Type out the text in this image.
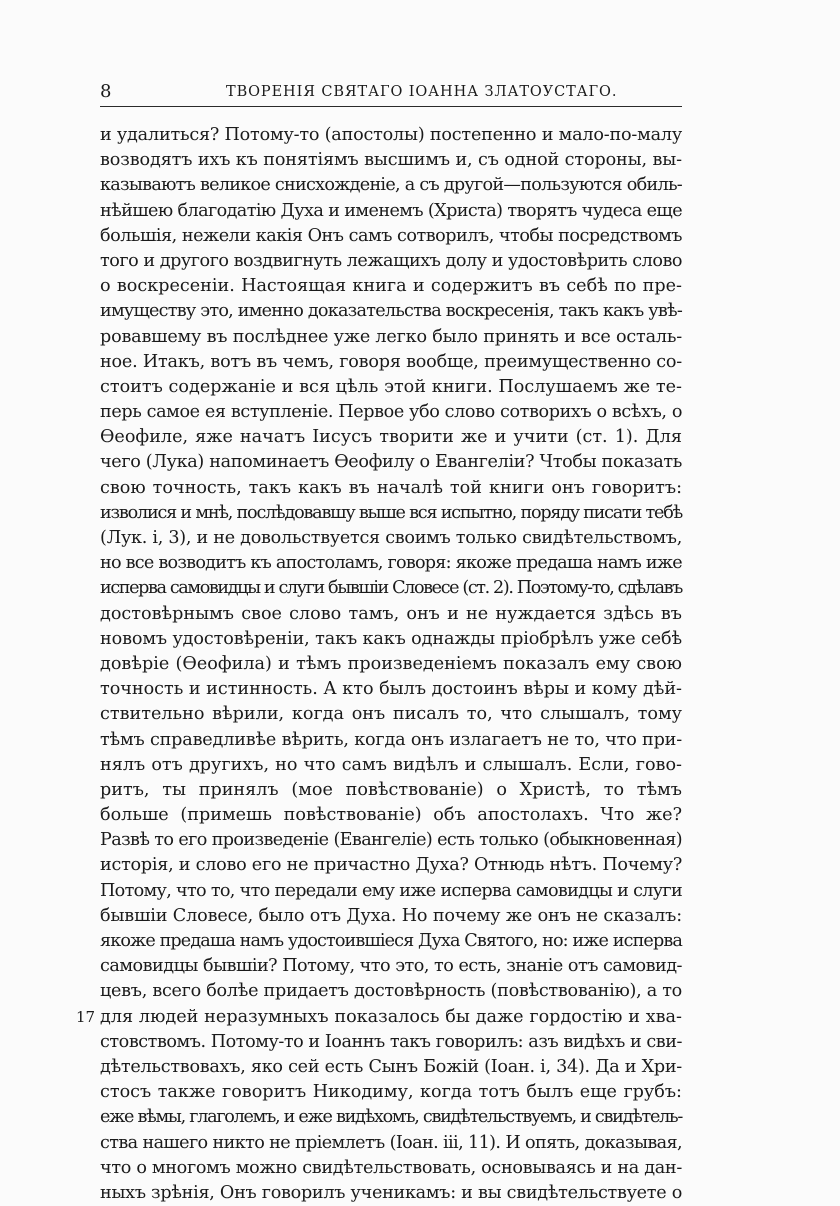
8	ТВОРЕНІЯ СВЯТАГО ІОАННА ЗЛАТОУСТАГО.
и удалиться? Потому-то (апостолы) постепенно и мало-по-малу
возводятъ ихъ къ понятіямъ высшимъ и, съ одной стороны, вы-
казываютъ великое снисхожденіе, а съ другой—пользуются обиль-
нѣйшею благодатію Духа и именемъ (Христа) творятъ чудеса еще
большія, нежели какія Онъ самъ сотворилъ, чтобы посредствомъ
того и другого воздвигнуть лежащихъ долу и удостовѣрить слово
о воскресеніи. Настоящая книга и содержитъ въ себѣ по пре-
имуществу это, именно доказательства воскресенія, такъ какъ увѣ-
ровавшему въ послѣднее уже легко было принять и все осталь-
ное. Итакъ, вотъ въ чемъ, говоря вообще, преимущественно со-
стоитъ содержаніе и вся цѣль этой книги. Послушаемъ же те-
перь самое ея вступленіе. Первое убо слово сотворихъ о всѣхъ, о
Ѳеофиле, яже начатъ Іисусъ творити же и учити (ст. 1). Для
чего (Лука) напоминаетъ Ѳеофилу о Евангеліи? Чтобы показать
свою точность, такъ какъ въ началѣ той книги онъ говоритъ:
изволися и мнѣ, послѣдовавшу выше вся испытно, порядy писати тебѣ
(Лук. і, 3), и не довольствуется своимъ только свидѣтельствомъ,
но все возводитъ къ апостоламъ, говоря: якоже предаша намъ иже
исперва самовидцы и слуги бывшіи Словесе (ст. 2). Поэтому-то, сдѣлавъ
достовѣрнымъ свое слово тамъ, онъ и не нуждается здѣсь въ
новомъ удостовѣреніи, такъ какъ однажды пріобрѣлъ уже себѣ
довѣріе (Ѳеофила) и тѣмъ произведеніемъ показалъ ему свою
точность и истинность. А кто былъ достоинъ вѣры и кому дѣй-
ствительно вѣрили, когда онъ писалъ то, что слышалъ, тому
тѣмъ справедливѣе вѣрить, когда онъ излагаетъ не то, что при-
нялъ отъ другихъ, но что самъ видѣлъ и слышалъ. Если, гово-
ритъ, ты принялъ (мое повѣствованіе) о Христѣ, то тѣмъ
больше (примешь повѣствованіе) объ апостолахъ. Что же?
Развѣ то его произведеніе (Евангеліе) есть только (обыкновенная)
исторія, и слово его не причастно Духа? Отнюдь нѣтъ. Почему?
Потому, что то, что передали ему иже исперва самовидцы и слуги
бывшіи Словесе, было отъ Духа. Но почему же онъ не сказалъ:
якоже предаша намъ удостоившіеся Духа Святого, но: иже исперва
самовидцы бывшіи? Потому, что это, то есть, знаніе отъ самовид-
цевъ, всего болѣе придаетъ достовѣрность (повѣствованію), а то
для людей неразумныхъ показалось бы даже гордостію и хва-
17
стовствомъ. Потому-то и Іоаннъ такъ говорилъ: азъ видѣхъ и сви-
дѣтельствовахъ, яко сей есть Сынъ Божій (Іоан. і, 34). Да и Хри-
стосъ также говоритъ Никодиму, когда тотъ былъ еще грубъ:
еже вѣмы, глаголемъ, и еже видѣхомъ, свидѣтельствуемъ, и свидѣтель-
ства нашего никто не пріемлетъ (Іоан. ііі, 11). И опять, доказывая,
что о многомъ можно свидѣтельствовать, основываясь и на дан-
ныхъ зрѣнія, Онъ говорилъ ученикамъ: и вы свидѣтельствуете о
